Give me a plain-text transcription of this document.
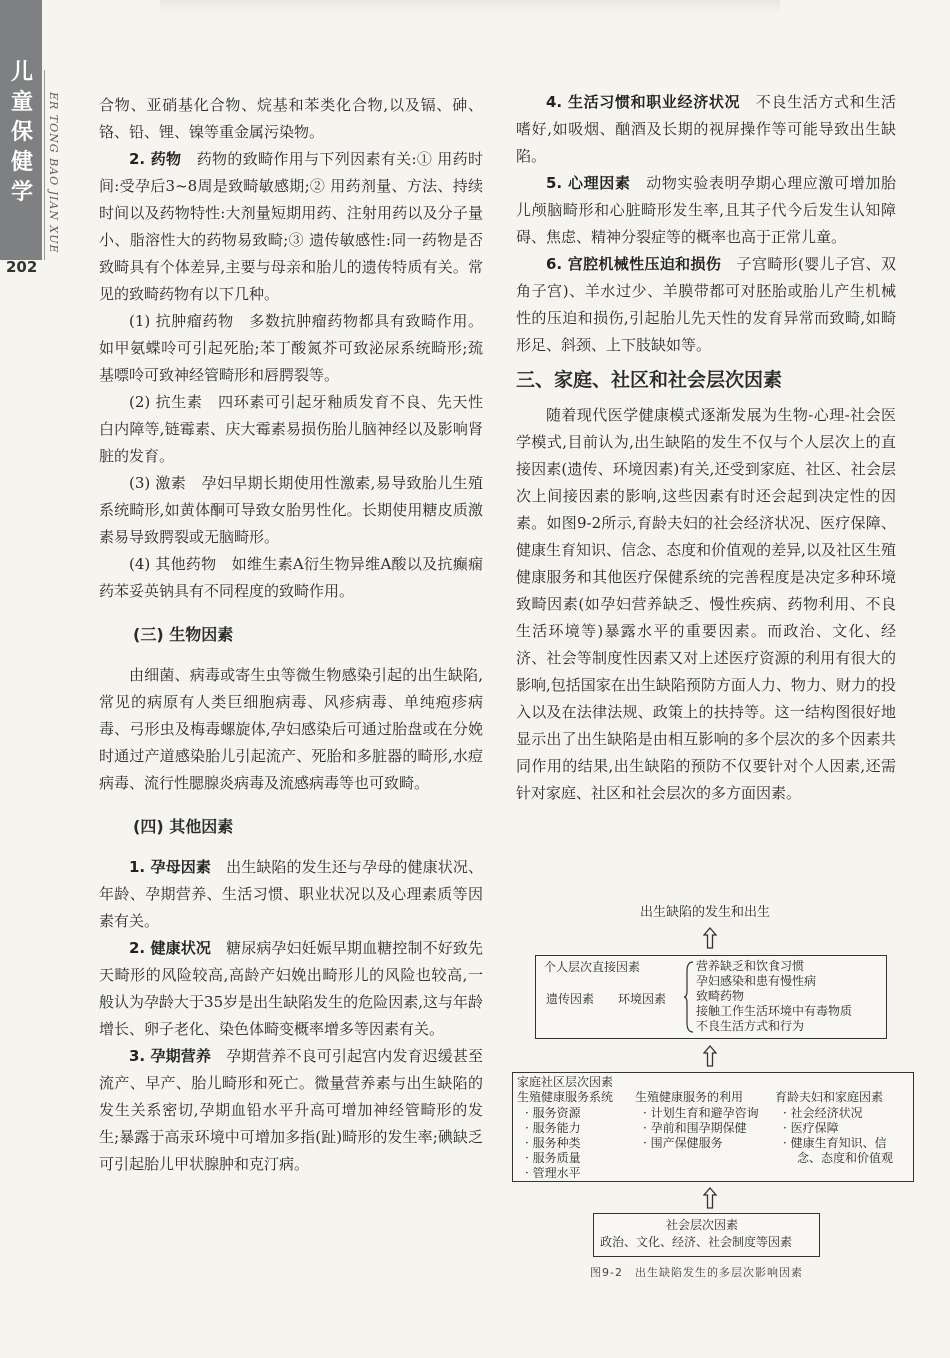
儿
童
保
健
学 ER TONG BAO JIAN XUE
202

合物、亚硝基化合物、烷基和苯类化合物,以及镉、砷、铬、铅、锂、镍等重金属污染物。

2. 药物　 药物的致畸作用与下列因素有关:① 用药时间:受孕后3~8周是致畸敏感期;② 用药剂量、方法、持续时间以及药物特性:大剂量短期用药、注射用药以及分子量小、脂溶性大的药物易致畸;③ 遗传敏感性:同一药物是否致畸具有个体差异,主要与母亲和胎儿的遗传特质有关。常见的致畸药物有以下几种。

(1) 抗肿瘤药物　多数抗肿瘤药物都具有致畸作用。如甲氨蝶呤可引起死胎;苯丁酸氮芥可致泌尿系统畸形;巯基嘌呤可致神经管畸形和唇腭裂等。

(2) 抗生素　四环素可引起牙釉质发育不良、先天性白内障等,链霉素、庆大霉素易损伤胎儿脑神经以及影响肾脏的发育。

(3) 激素　孕妇早期长期使用性激素,易导致胎儿生殖系统畸形,如黄体酮可导致女胎男性化。长期使用糖皮质激素易导致腭裂或无脑畸形。

(4) 其他药物　如维生素A衍生物异维A酸以及抗癫痫药苯妥英钠具有不同程度的致畸作用。

(三) 生物因素

由细菌、病毒或寄生虫等微生物感染引起的出生缺陷,常见的病原有人类巨细胞病毒、风疹病毒、单纯疱疹病毒、弓形虫及梅毒螺旋体,孕妇感染后可通过胎盘或在分娩时通过产道感染胎儿引起流产、死胎和多脏器的畸形,水痘病毒、流行性腮腺炎病毒及流感病毒等也可致畸。

(四) 其他因素

1. 孕母因素　 出生缺陷的发生还与孕母的健康状况、年龄、孕期营养、生活习惯、职业状况以及心理素质等因素有关。

2. 健康状况　 糖尿病孕妇妊娠早期血糖控制不好致先天畸形的风险较高,高龄产妇娩出畸形儿的风险也较高,一般认为孕龄大于35岁是出生缺陷发生的危险因素,这与年龄增长、卵子老化、染色体畸变概率增多等因素有关。

3. 孕期营养　 孕期营养不良可引起宫内发育迟缓甚至流产、早产、胎儿畸形和死亡。微量营养素与出生缺陷的发生关系密切,孕期血铅水平升高可增加神经管畸形的发生;暴露于高汞环境中可增加多指(趾)畸形的发生率;碘缺乏可引起胎儿甲状腺肿和克汀病。

4. 生活习惯和职业经济状况　 不良生活方式和生活嗜好,如吸烟、酗酒及长期的视屏操作等可能导致出生缺陷。

5. 心理因素　 动物实验表明孕期心理应激可增加胎儿颅脑畸形和心脏畸形发生率,且其子代今后发生认知障碍、焦虑、精神分裂症等的概率也高于正常儿童。

6. 宫腔机械性压迫和损伤　 子宫畸形(婴儿子宫、双角子宫)、羊水过少、羊膜带都可对胚胎或胎儿产生机械性的压迫和损伤,引起胎儿先天性的发育异常而致畸,如畸形足、斜颈、上下肢缺如等。

三、家庭、社区和社会层次因素

随着现代医学健康模式逐渐发展为生物-心理-社会医学模式,目前认为,出生缺陷的发生不仅与个人层次上的直接因素(遗传、环境因素)有关,还受到家庭、社区、社会层次上间接因素的影响,这些因素有时还会起到决定性的因素。如图9-2所示,育龄夫妇的社会经济状况、医疗保障、健康生育知识、信念、态度和价值观的差异,以及社区生殖健康服务和其他医疗保健系统的完善程度是决定多种环境致畸因素(如孕妇营养缺乏、慢性疾病、药物利用、不良生活环境等)暴露水平的重要因素。而政治、文化、经济、社会等制度性因素又对上述医疗资源的利用有很大的影响,包括国家在出生缺陷预防方面人力、物力、财力的投入以及在法律法规、政策上的扶持等。这一结构图很好地显示出了出生缺陷是由相互影响的多个层次的多个因素共同作用的结果,出生缺陷的预防不仅要针对个人因素,还需针对家庭、社区和社会层次的多方面因素。

出生缺陷的发生和出生
个人层次直接因素
遗传因素 环境因素
营养缺乏和饮食习惯
孕妇感染和患有慢性病
致畸药物
接触工作生活环境中有毒物质
不良生活方式和行为
家庭社区层次因素
生殖健康服务系统
· 服务资源
· 服务能力
· 服务种类
· 服务质量
· 管理水平
生殖健康服务的利用
· 计划生育和避孕咨询
· 孕前和围孕期保健
· 围产保健服务
育龄夫妇和家庭因素
· 社会经济状况
· 医疗保障
· 健康生育知识、信
念、态度和价值观
社会层次因素
政治、文化、经济、社会制度等因素
图9-2　出生缺陷发生的多层次影响因素
